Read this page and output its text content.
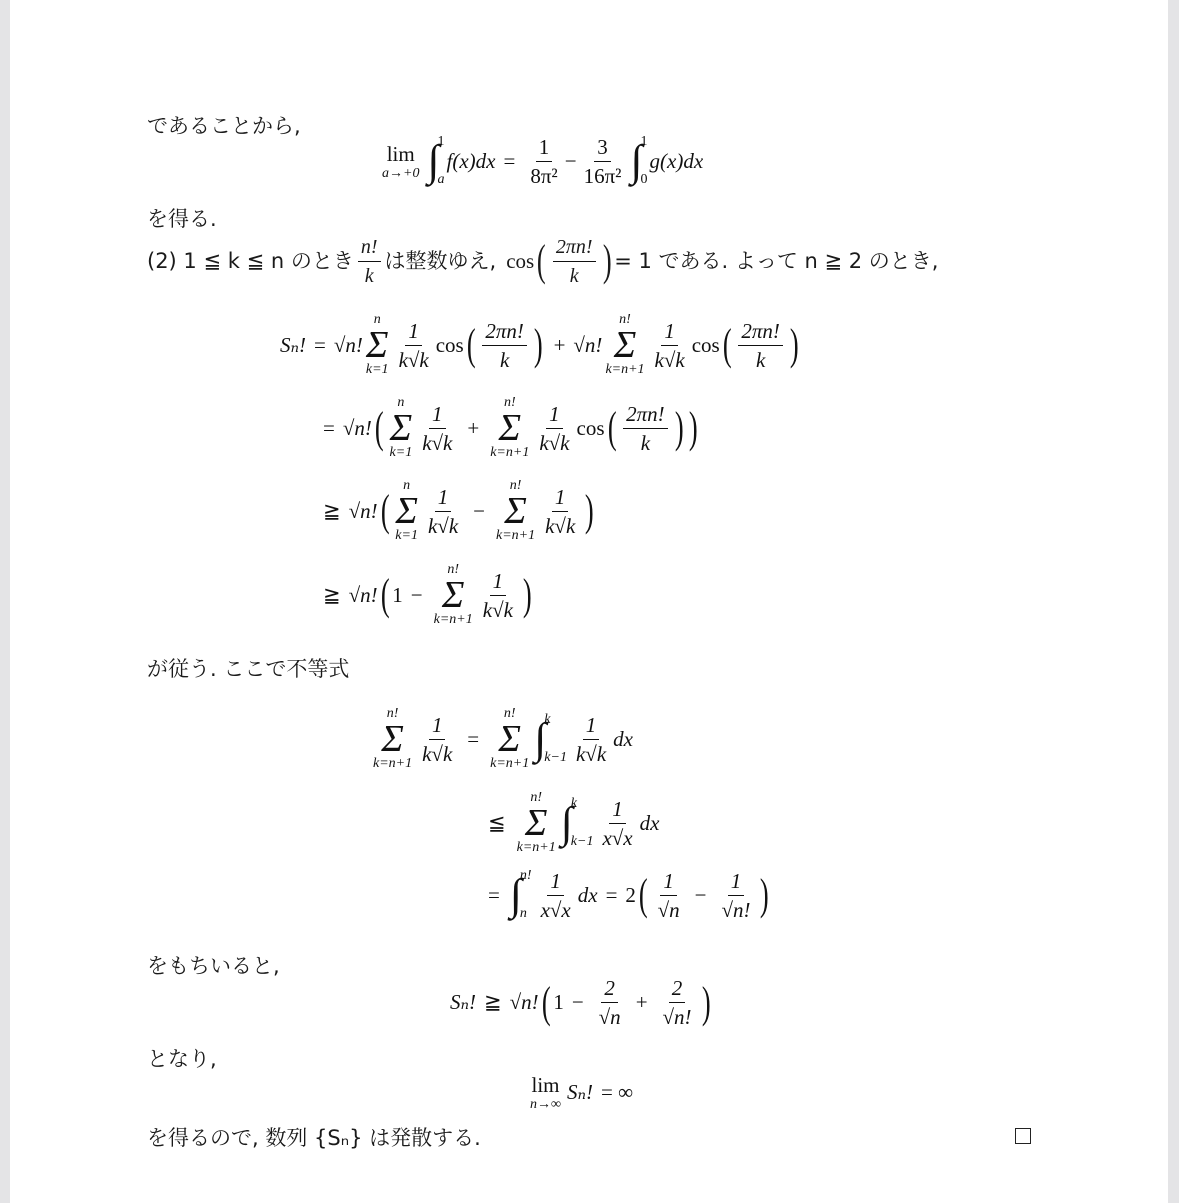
であることから,
lim
a→+0 ∫
1
a
$f(x)dx = \frac{1}{\text{8π²}} - \frac{3}{\text{16π²}}$ ∫
1
0
g(x)dx
を得る.
(2) 1 ≦ k ≦ n のとき $\frac{n!}{k}$ は整数ゆえ, cos ( $\frac{2\pi n!}{k}$ ) = 1 である. よって n ≧ 2 のとき,
Sₙ! = √n!
n
Σ
$k=1 \frac{1}{k√k}$ cos ( $\frac{2\pi n!}{k}$ ) + √n!
n!
Σ
$k=n+1 \frac{1}{k√k}$ cos ( $\frac{2\pi n!}{k}$ )
= √n! (
n
Σ
$k=1 \frac{1}{k√k}$ +
n!
Σ
$k=n+1 \frac{1}{k√k}$ cos ( $\frac{2\pi n!}{k}$ ) )
≧ √n! (
n
Σ
$k=1 \frac{1}{k√k}$ −
n!
Σ
$k=n+1 \frac{1}{k√k}$ )
≧ √n! ( 1 −
n!
Σ
$k=n+1 \frac{1}{k√k}$ )
が従う. ここで不等式
n!
Σ
$k=n+1 \frac{1}{k√k}$ =
n!
Σ
k=n+1
∫
k
$k-1 \frac{1}{k√k}$ dx
≦
n!
Σ
k=n+1
∫
k
$k-1 \frac{1}{x√x}$ dx
= ∫
n!
n $\frac{1}{x√x}$ dx = 2 ( $\frac{1}{√n} - \frac{1}{√n!}$ )
をもちいると,
Sₙ! ≧ √n! ( $1 - \frac{2}{√n} + \frac{2}{√n!}$ )
となり,
lim
n→∞
Sₙ! = ∞
を得るので, 数列 {Sₙ} は発散する.
